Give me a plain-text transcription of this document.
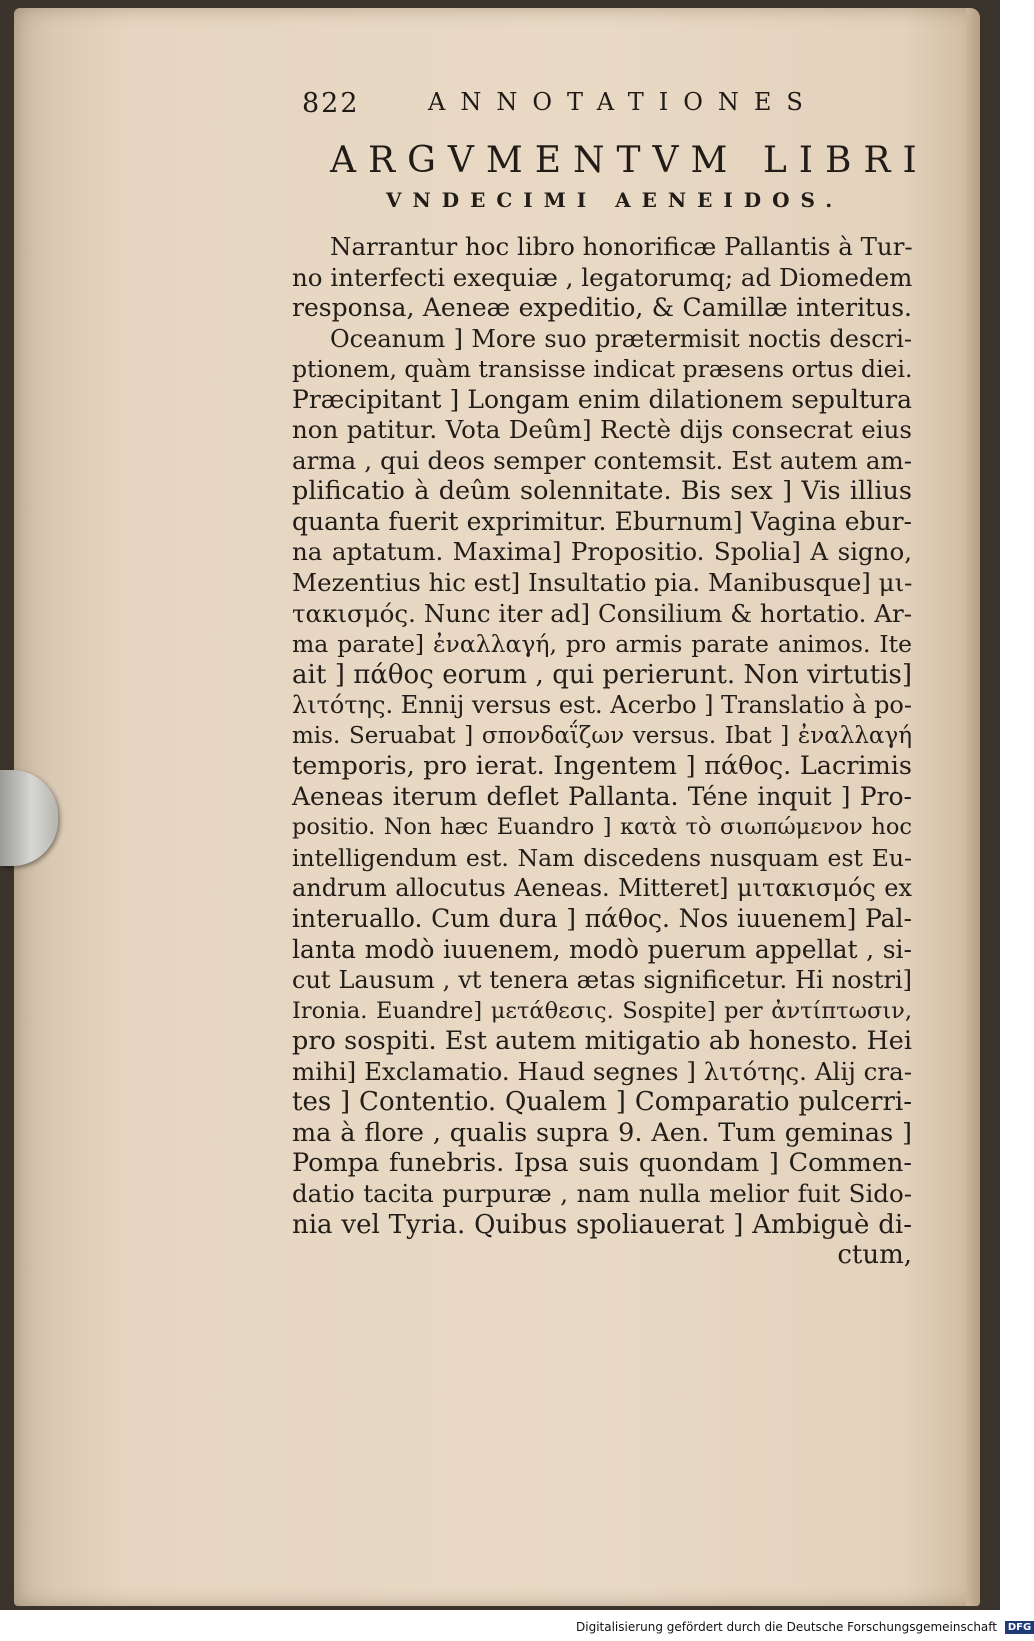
822	ANNOTATIONES
ARGVMENTVM LIBRI
VNDECIMI AENEIDOS.
Narrantur hoc libro honorificæ Pallantis à Tur-
no interfecti exequiæ , legatorumq; ad Diomedem
responsa, Aeneæ expeditio, & Camillæ interitus.
Oceanum ] More suo prætermisit noctis descri-
ptionem, quàm transisse indicat præsens ortus diei.
Præcipitant ] Longam enim dilationem sepultura
non patitur. Vota Deûm] Rectè dijs consecrat eius
arma , qui deos semper contemsit. Est autem am-
plificatio à deûm solennitate. Bis sex ] Vis illius
quanta fuerit exprimitur. Eburnum] Vagina ebur-
na aptatum. Maxima] Propositio. Spolia] A signo,
Mezentius hic est] Insultatio pia. Manibusque] μι-
τακισμός. Nunc iter ad] Consilium & hortatio. Ar-
ma parate] ἐναλλαγή, pro armis parate animos. Ite
ait ] πάθος eorum , qui perierunt. Non virtutis]
λιτότης. Ennij versus est. Acerbo ] Translatio à po-
mis. Seruabat ] σπονδαΐζων versus. Ibat ] ἐναλλαγή
temporis, pro ierat. Ingentem ] πάθος. Lacrimis
Aeneas iterum deflet Pallanta. Téne inquit ] Pro-
positio. Non hæc Euandro ] κατὰ τὸ σιωπώμενον hoc
intelligendum est. Nam discedens nusquam est Eu-
andrum allocutus Aeneas. Mitteret] μιτακισμός ex
interuallo. Cum dura ] πάθος. Nos iuuenem] Pal-
lanta modò iuuenem, modò puerum appellat , si-
cut Lausum , vt tenera ætas significetur. Hi nostri]
Ironia. Euandre] μετάθεσις. Sospite] per ἀντίπτωσιν,
pro sospiti. Est autem mitigatio ab honesto. Hei
mihi] Exclamatio. Haud segnes ] λιτότης. Alij cra-
tes ] Contentio. Qualem ] Comparatio pulcerri-
ma à flore , qualis supra 9. Aen. Tum geminas ]
Pompa funebris. Ipsa suis quondam ] Commen-
datio tacita purpuræ , nam nulla melior fuit Sido-
nia vel Tyria. Quibus spoliauerat ] Ambiguè di-
ctum,
Digitalisierung gefördert durch die Deutsche Forschungsgemeinschaft DFG
